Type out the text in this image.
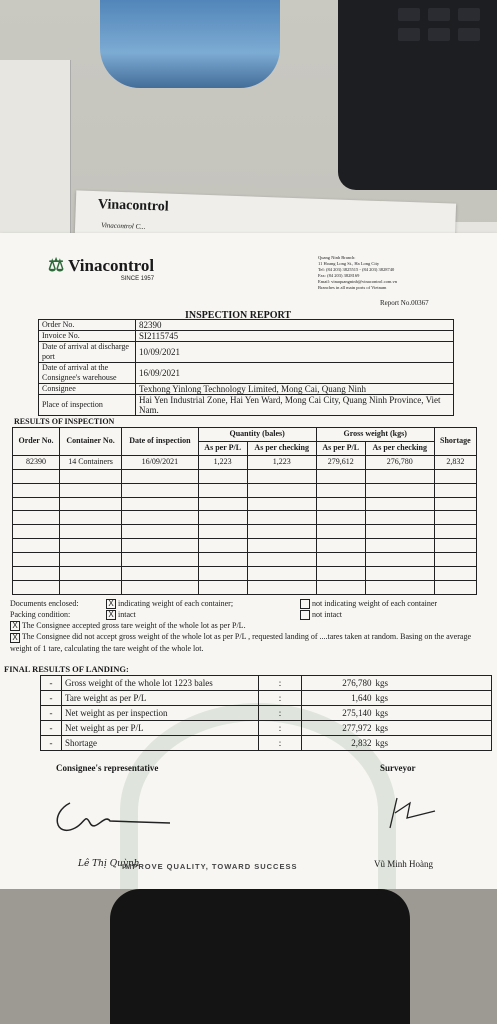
Vinacontrol
Vinacontrol C...
⚖ Vinacontrol
SINCE 1957
Quang Ninh Branch:
11 Hoang Long St., Ha Long City
Tel: (84 203) 3825515 - (84 203) 3828740
Fax: (84 203) 3828169
Email: vinaquangninh@vinacontrol.com.vn
Branches in all main ports of Vietnam
Report No.00367
INSPECTION REPORT
Order No.	82390
Invoice No.	SI2115745
Date of arrival at discharge port	10/09/2021
Date of arrival at the Consignee's warehouse	16/09/2021
Consignee	Texhong Yinlong Technology Limited, Mong Cai, Quang Ninh
Place of inspection	Hai Yen Industrial Zone, Hai Yen Ward, Mong Cai City, Quang Ninh Province, Viet Nam.
RESULTS OF INSPECTION
Order No.	Container No.	Date of inspection	Quantity (bales)		Gross weight (kgs)		Shortage
			As per P/L	As per checking	As per P/L	As per checking	
82390	14 Containers	16/09/2021	1,223	1,223	279,612	276,780	2,832

Documents enclosed:	X indicating weight of each container;	not indicating weight of each container
Packing condition:	X intact	not intact
X The Consignee accepted gross tare weight of the whole lot as per P/L.
X The Consignee did not accept gross weight of the whole lot as per P/L , requested landing of ....tares taken at random. Basing on the average weight of 1 tare, calculating the tare weight of the whole lot.
FINAL RESULTS OF LANDING:
-	Gross weight of the whole lot 1223 bales	:	276,780 kgs
-	Tare weight as per P/L	:	1,640 kgs
-	Net weight as per inspection	:	275,140 kgs
-	Net weight as per P/L	:	277,972 kgs
-	Shortage	:	2,832 kgs
Consignee's representative	Surveyor
Lê Thị Quỳnh
IMPROVE QUALITY, TOWARD SUCCESS	Vũ Minh Hoàng
